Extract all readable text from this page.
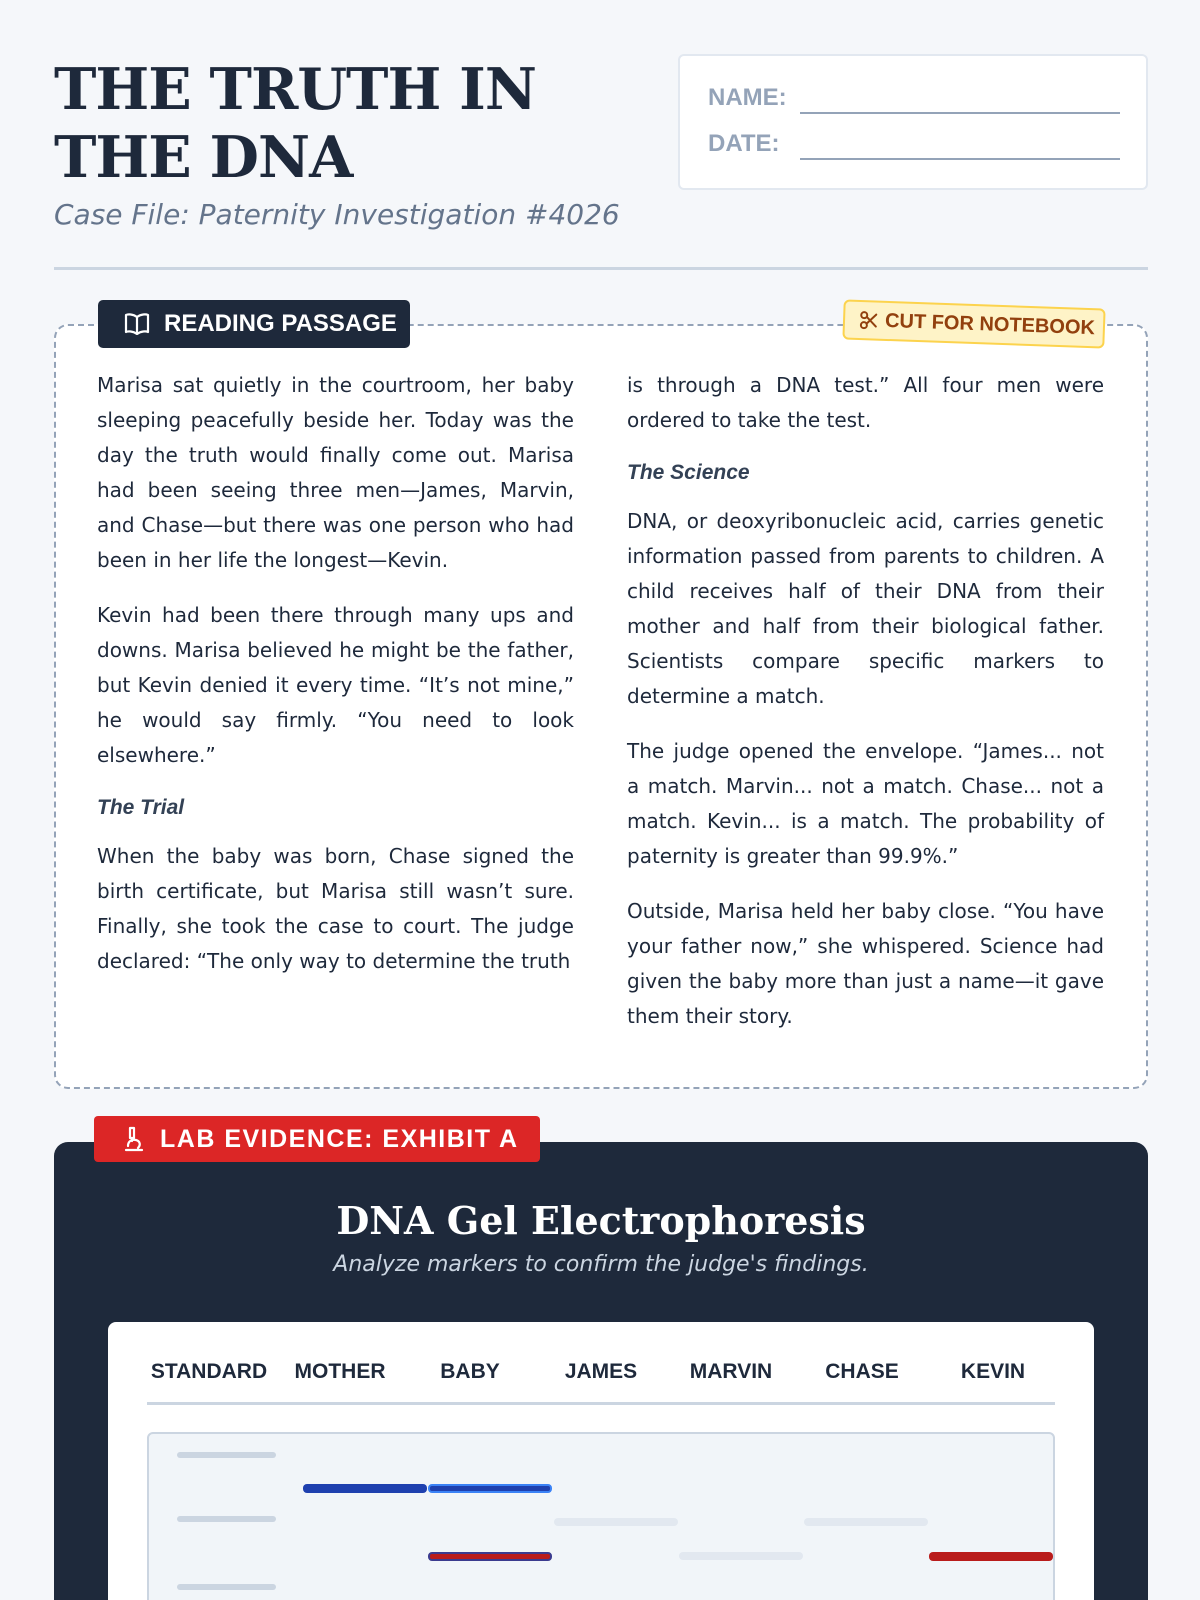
THE TRUTH IN THE DNA
Case File: Paternity Investigation #4026
NAME:
DATE:
READING PASSAGE	CUT FOR NOTEBOOK

Marisa sat quietly in the courtroom, her baby sleeping peacefully beside her. Today was the day the truth would finally come out. Marisa had been seeing three men—James, Marvin, and Chase—but there was one person who had been in her life the longest—Kevin.

Kevin had been there through many ups and downs. Marisa believed he might be the father, but Kevin denied it every time. “It’s not mine,” he would say firmly. “You need to look elsewhere.”

The Trial

When the baby was born, Chase signed the birth certificate, but Marisa still wasn’t sure. Finally, she took the case to court. The judge declared: “The only way to determine the truth

is through a DNA test.” All four men were ordered to take the test.

The Science

DNA, or deoxyribonucleic acid, carries genetic information passed from parents to children. A child receives half of their DNA from their mother and half from their biological father. Scientists compare specific markers to determine a match.

The judge opened the envelope. “James... not a match. Marvin... not a match. Chase... not a match. Kevin... is a match. The probability of paternity is greater than 99.9%.”

Outside, Marisa held her baby close. “You have your father now,” she whispered. Science had given the baby more than just a name—it gave them their story.

LAB EVIDENCE: EXHIBIT A
DNA Gel Electrophoresis
Analyze markers to confirm the judge's findings.
STANDARD	MOTHER	BABY	JAMES	MARVIN	CHASE	KEVIN
